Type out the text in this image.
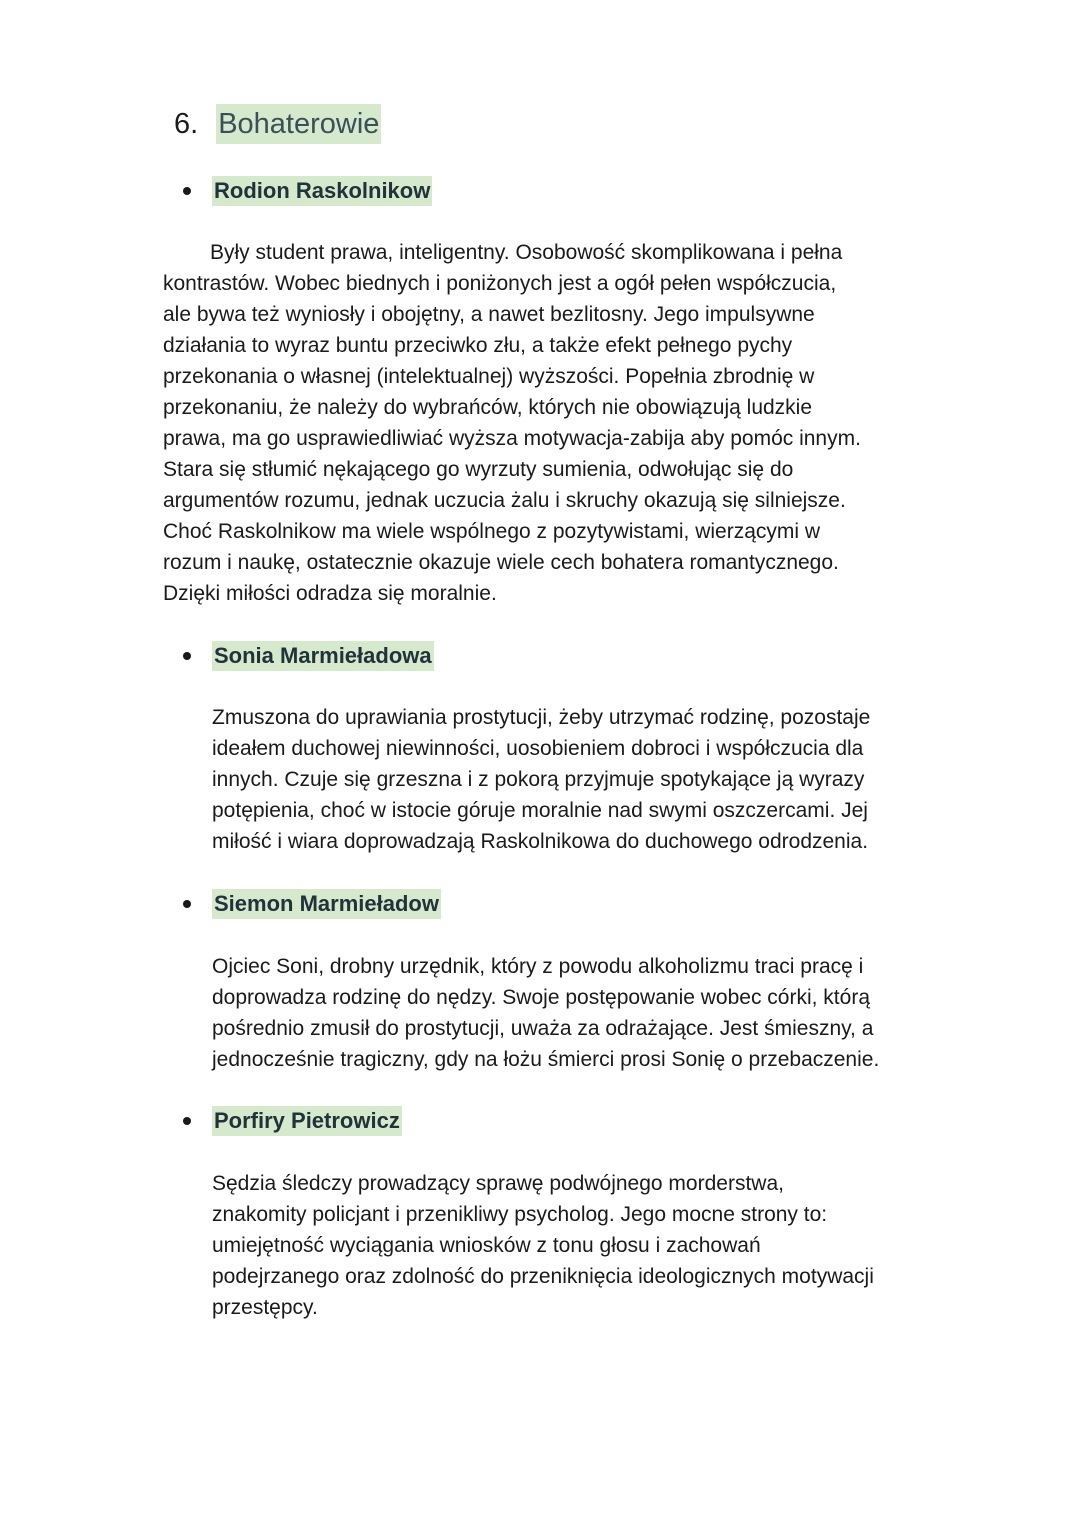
6. Bohaterowie
Rodion Raskolnikow
Były student prawa, inteligentny. Osobowość skomplikowana i pełna
kontrastów. Wobec biednych i poniżonych jest a ogół pełen współczucia,
ale bywa też wyniosły i obojętny, a nawet bezlitosny. Jego impulsywne
działania to wyraz buntu przeciwko złu, a także efekt pełnego pychy
przekonania o własnej (intelektualnej) wyższości. Popełnia zbrodnię w
przekonaniu, że należy do wybrańców, których nie obowiązują ludzkie
prawa, ma go usprawiedliwiać wyższa motywacja-zabija aby pomóc innym.
Stara się stłumić nękającego go wyrzuty sumienia, odwołując się do
argumentów rozumu, jednak uczucia żalu i skruchy okazują się silniejsze.
Choć Raskolnikow ma wiele wspólnego z pozytywistami, wierzącymi w
rozum i naukę, ostatecznie okazuje wiele cech bohatera romantycznego.
Dzięki miłości odradza się moralnie.
Sonia Marmieładowa
Zmuszona do uprawiania prostytucji, żeby utrzymać rodzinę, pozostaje
ideałem duchowej niewinności, uosobieniem dobroci i współczucia dla
innych. Czuje się grzeszna i z pokorą przyjmuje spotykające ją wyrazy
potępienia, choć w istocie góruje moralnie nad swymi oszczercami. Jej
miłość i wiara doprowadzają Raskolnikowa do duchowego odrodzenia.
Siemon Marmieładow
Ojciec Soni, drobny urzędnik, który z powodu alkoholizmu traci pracę i
doprowadza rodzinę do nędzy. Swoje postępowanie wobec córki, którą
pośrednio zmusił do prostytucji, uważa za odrażające. Jest śmieszny, a
jednocześnie tragiczny, gdy na łożu śmierci prosi Sonię o przebaczenie.
Porfiry Pietrowicz
Sędzia śledczy prowadzący sprawę podwójnego morderstwa,
znakomity policjant i przenikliwy psycholog. Jego mocne strony to:
umiejętność wyciągania wniosków z tonu głosu i zachowań
podejrzanego oraz zdolność do przeniknięcia ideologicznych motywacji
przestępcy.
